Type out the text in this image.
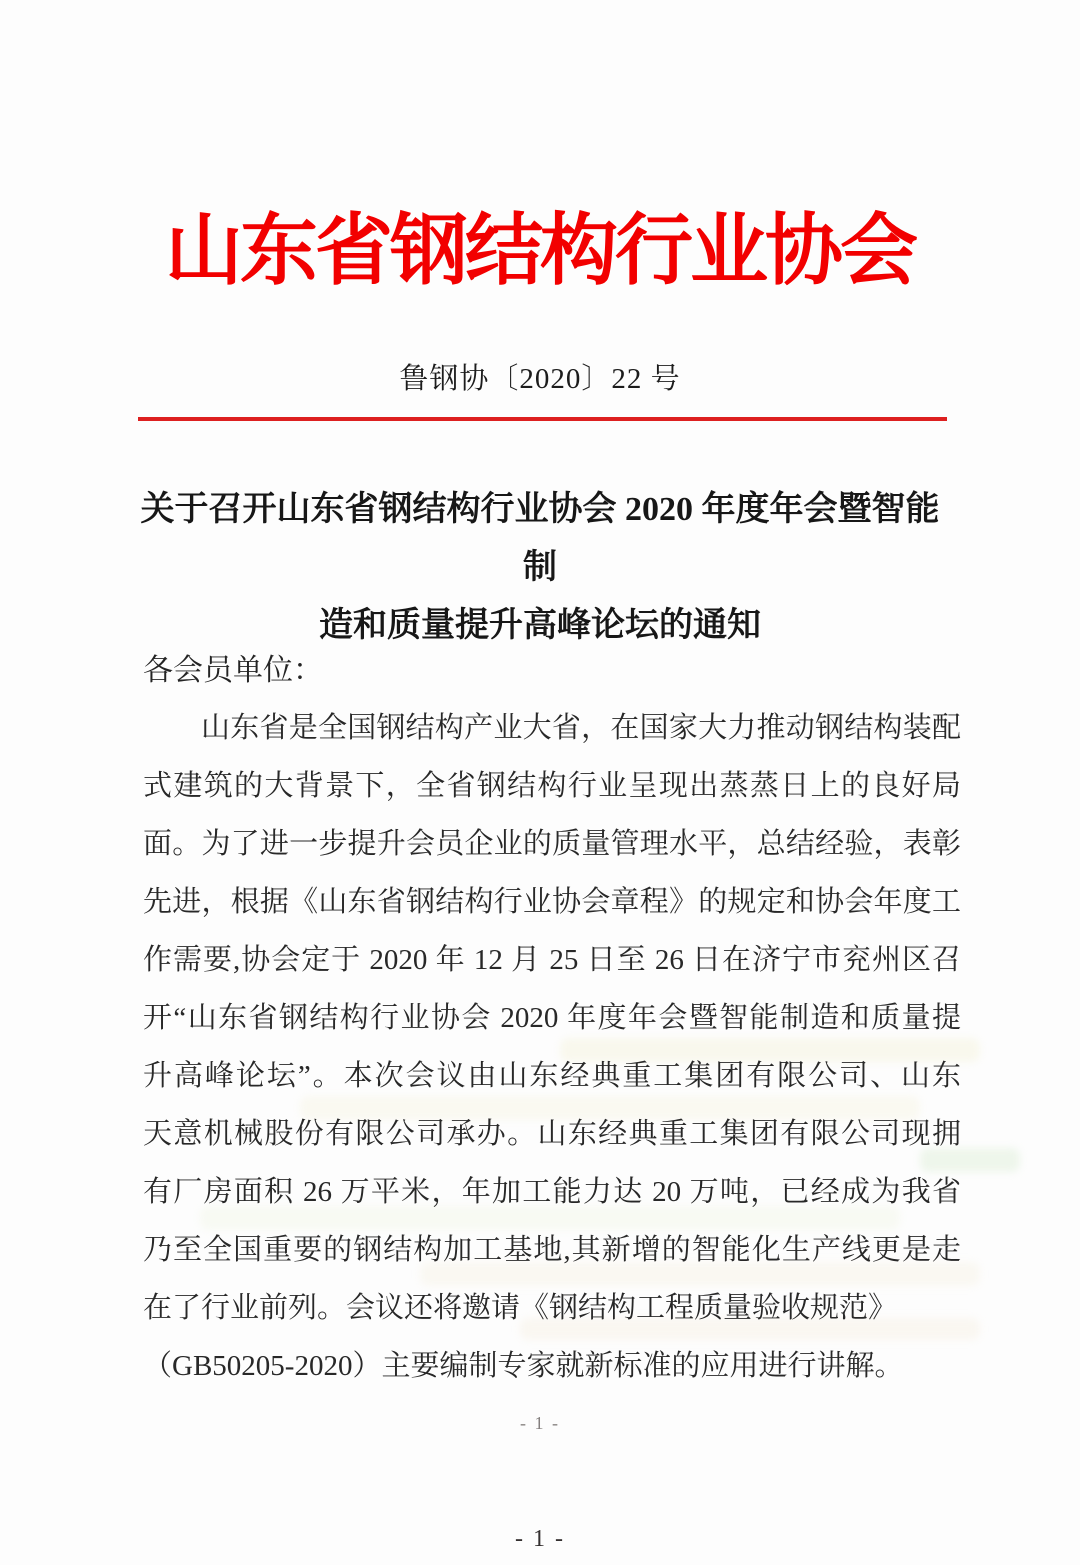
山东省钢结构行业协会
鲁钢协〔2020〕22 号
关于召开山东省钢结构行业协会 2020 年度年会暨智能制
造和质量提升高峰论坛的通知
各会员单位：
山东省是全国钢结构产业大省，在国家大力推动钢结构装配
式建筑的大背景下，全省钢结构行业呈现出蒸蒸日上的良好局
面。为了进一步提升会员企业的质量管理水平，总结经验，表彰
先进，根据《山东省钢结构行业协会章程》的规定和协会年度工
作需要,协会定于 2020 年 12 月 25 日至 26 日在济宁市兖州区召
开“山东省钢结构行业协会 2020 年度年会暨智能制造和质量提
升高峰论坛”。本次会议由山东经典重工集团有限公司、山东
天意机械股份有限公司承办。山东经典重工集团有限公司现拥
有厂房面积 26 万平米，年加工能力达 20 万吨，已经成为我省
乃至全国重要的钢结构加工基地,其新增的智能化生产线更是走
在了行业前列。会议还将邀请《钢结构工程质量验收规范》
（GB50205-2020）主要编制专家就新标准的应用进行讲解。
- 1 -
- 1 -
